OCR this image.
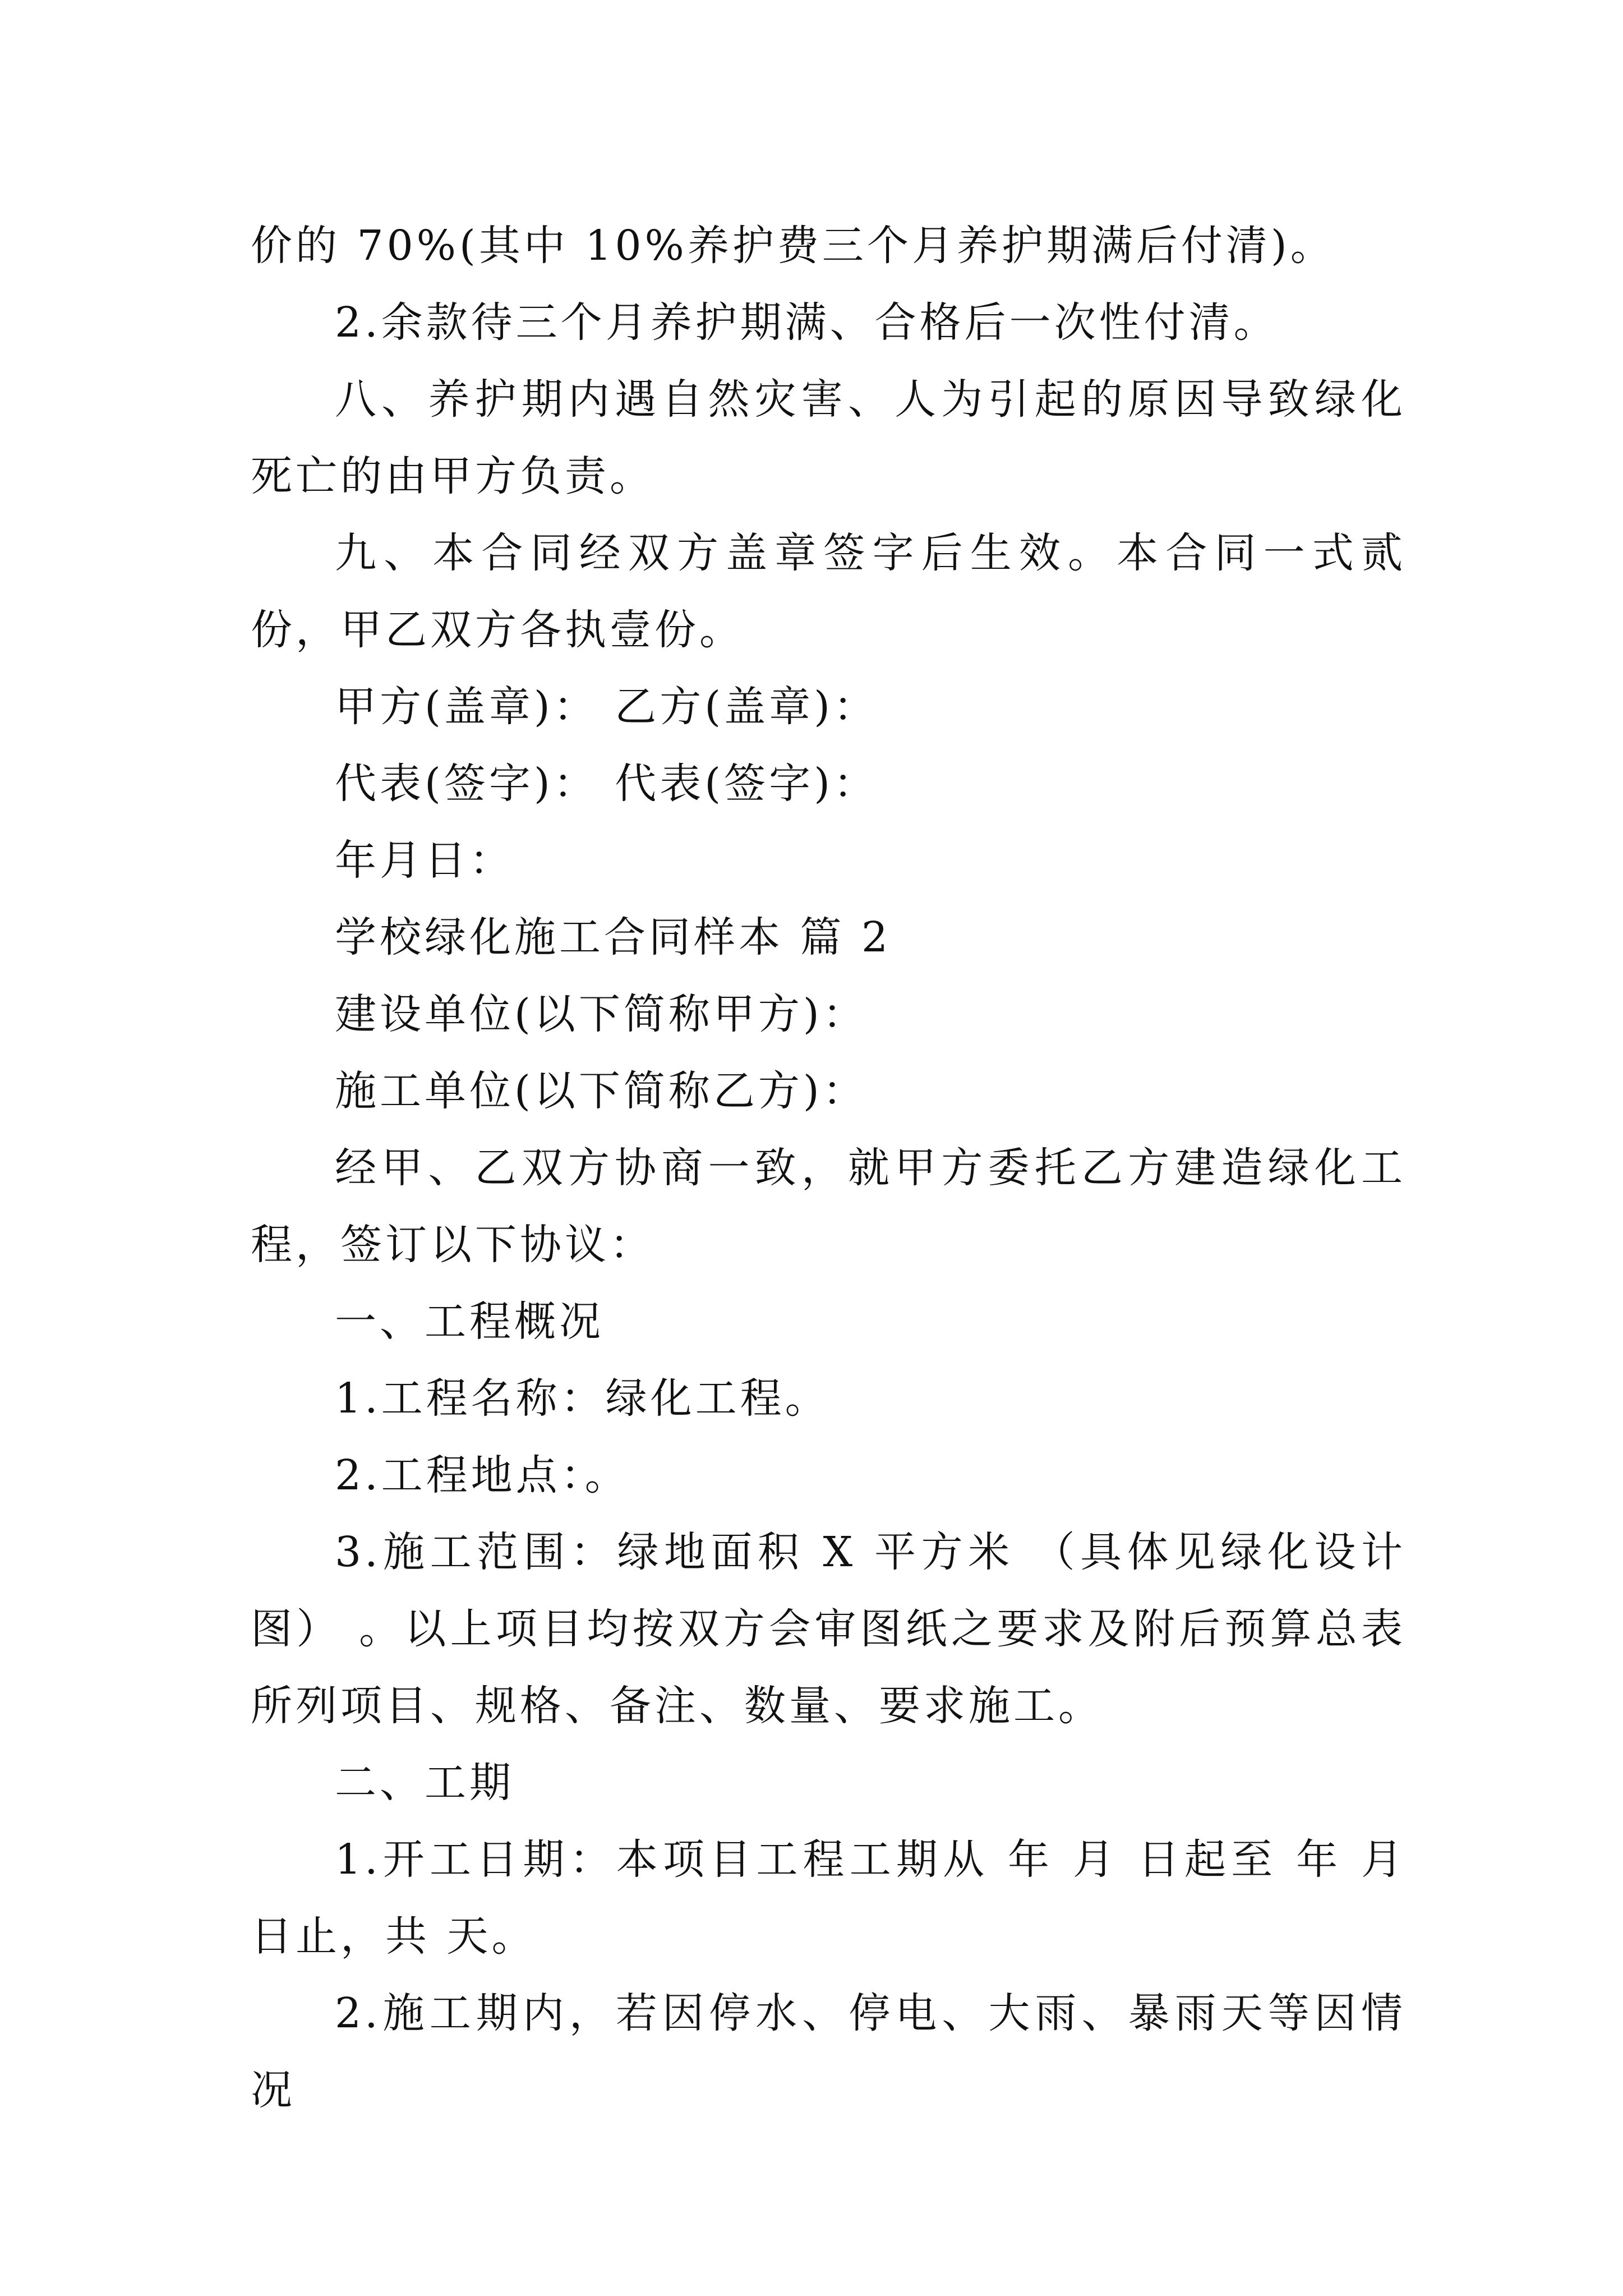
价的 70%(其中 10%养护费三个月养护期满后付清)。

2.余款待三个月养护期满、合格后一次性付清。

八、养护期内遇自然灾害、人为引起的原因导致绿化死亡的由甲方负责。

九、本合同经双方盖章签字后生效。本合同一式贰份，甲乙双方各执壹份。

甲方(盖章)： 乙方(盖章)：

代表(签字)： 代表(签字)：

年月日：

学校绿化施工合同样本 篇 2

建设单位(以下简称甲方)：

施工单位(以下简称乙方)：

经甲、乙双方协商一致，就甲方委托乙方建造绿化工程，签订以下协议：

一、工程概况

1.工程名称：绿化工程。

2.工程地点：。

3.施工范围：绿地面积 X 平方米 （具体见绿化设计图） 。以上项目均按双方会审图纸之要求及附后预算总表所列项目、规格、备注、数量、要求施工。

二、工期

1.开工日期：本项目工程工期从 年 月 日起至 年 月日止，共 天。

2.施工期内，若因停水、停电、大雨、暴雨天等因情况
